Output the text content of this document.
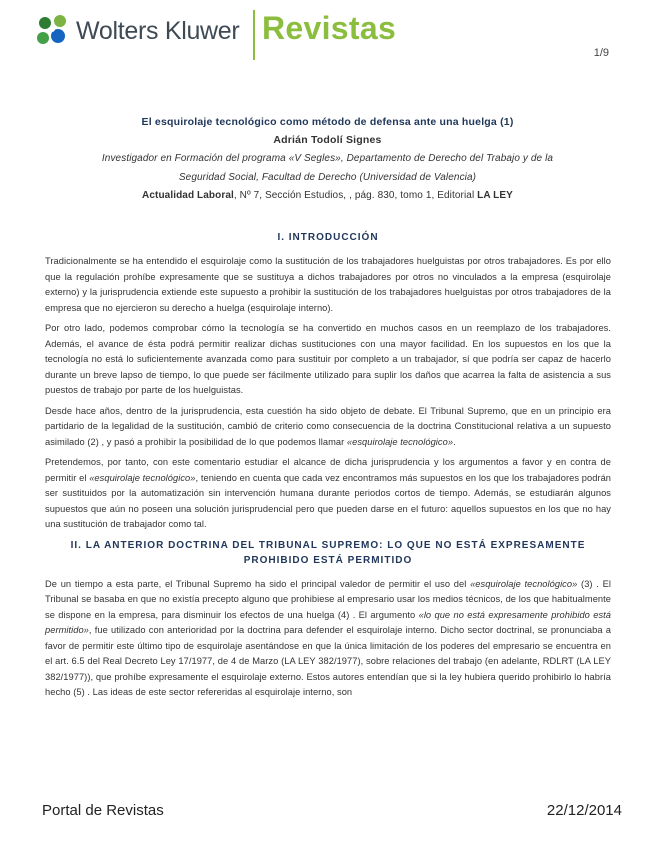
Wolters Kluwer Revistas
1/9
El esquirolaje tecnológico como método de defensa ante una huelga (1)
Adrián Todolí Signes
Investigador en Formación del programa «V Segles», Departamento de Derecho del Trabajo y de la
Seguridad Social, Facultad de Derecho (Universidad de Valencia)
Actualidad Laboral, Nº 7, Sección Estudios, , pág. 830, tomo 1, Editorial LA LEY
I. INTRODUCCIÓN

Tradicionalmente se ha entendido el esquirolaje como la sustitución de los trabajadores huelguistas por otros trabajadores. Es por ello que la regulación prohíbe expresamente que se sustituya a dichos trabajadores por otros no vinculados a la empresa (esquirolaje externo) y la jurisprudencia extiende este supuesto a prohibir la sustitución de los trabajadores huelguistas por otros trabajadores de la empresa que no ejercieron su derecho a huelga (esquirolaje interno).

Por otro lado, podemos comprobar cómo la tecnología se ha convertido en muchos casos en un reemplazo de los trabajadores. Además, el avance de ésta podrá permitir realizar dichas sustituciones con una mayor facilidad. En los supuestos en los que la tecnología no está lo suficientemente avanzada como para sustituir por completo a un trabajador, sí que podría ser capaz de hacerlo durante un breve lapso de tiempo, lo que puede ser fácilmente utilizado para suplir los daños que acarrea la falta de asistencia a sus puestos de trabajo por parte de los huelguistas.

Desde hace años, dentro de la jurisprudencia, esta cuestión ha sido objeto de debate. El Tribunal Supremo, que en un principio era partidario de la legalidad de la sustitución, cambió de criterio como consecuencia de la doctrina Constitucional relativa a un supuesto asimilado (2) , y pasó a prohibir la posibilidad de lo que podemos llamar «esquirolaje tecnológico».

Pretendemos, por tanto, con este comentario estudiar el alcance de dicha jurisprudencia y los argumentos a favor y en contra de permitir el «esquirolaje tecnológico», teniendo en cuenta que cada vez encontramos más supuestos en los que los trabajadores podrán ser sustituidos por la automatización sin intervención humana durante periodos cortos de tiempo. Además, se estudiarán algunos supuestos que aún no poseen una solución jurisprudencial pero que pueden darse en el futuro: aquellos supuestos en los que no hay una sustitución de trabajador como tal.

II. LA ANTERIOR DOCTRINA DEL TRIBUNAL SUPREMO: LO QUE NO ESTÁ EXPRESAMENTE
PROHIBIDO ESTÁ PERMITIDO

De un tiempo a esta parte, el Tribunal Supremo ha sido el principal valedor de permitir el uso del «esquirolaje tecnológico» (3) . El Tribunal se basaba en que no existía precepto alguno que prohibiese al empresario usar los medios técnicos, de los que habitualmente se dispone en la empresa, para disminuir los efectos de una huelga (4) . El argumento «lo que no está expresamente prohibido está permitido», fue utilizado con anterioridad por la doctrina para defender el esquirolaje interno. Dicho sector doctrinal, se pronunciaba a favor de permitir este último tipo de esquirolaje asentándose en que la única limitación de los poderes del empresario se encuentra en el art. 6.5 del Real Decreto Ley 17/1977, de 4 de Marzo (LA LEY 382/1977), sobre relaciones del trabajo (en adelante, RDLRT (LA LEY 382/1977)), que prohíbe expresamente el esquirolaje externo. Estos autores entendían que si la ley hubiera querido prohibirlo lo habría hecho (5) . Las ideas de este sector refereridas al esquirolaje interno, son

Portal de Revistas	22/12/2014
